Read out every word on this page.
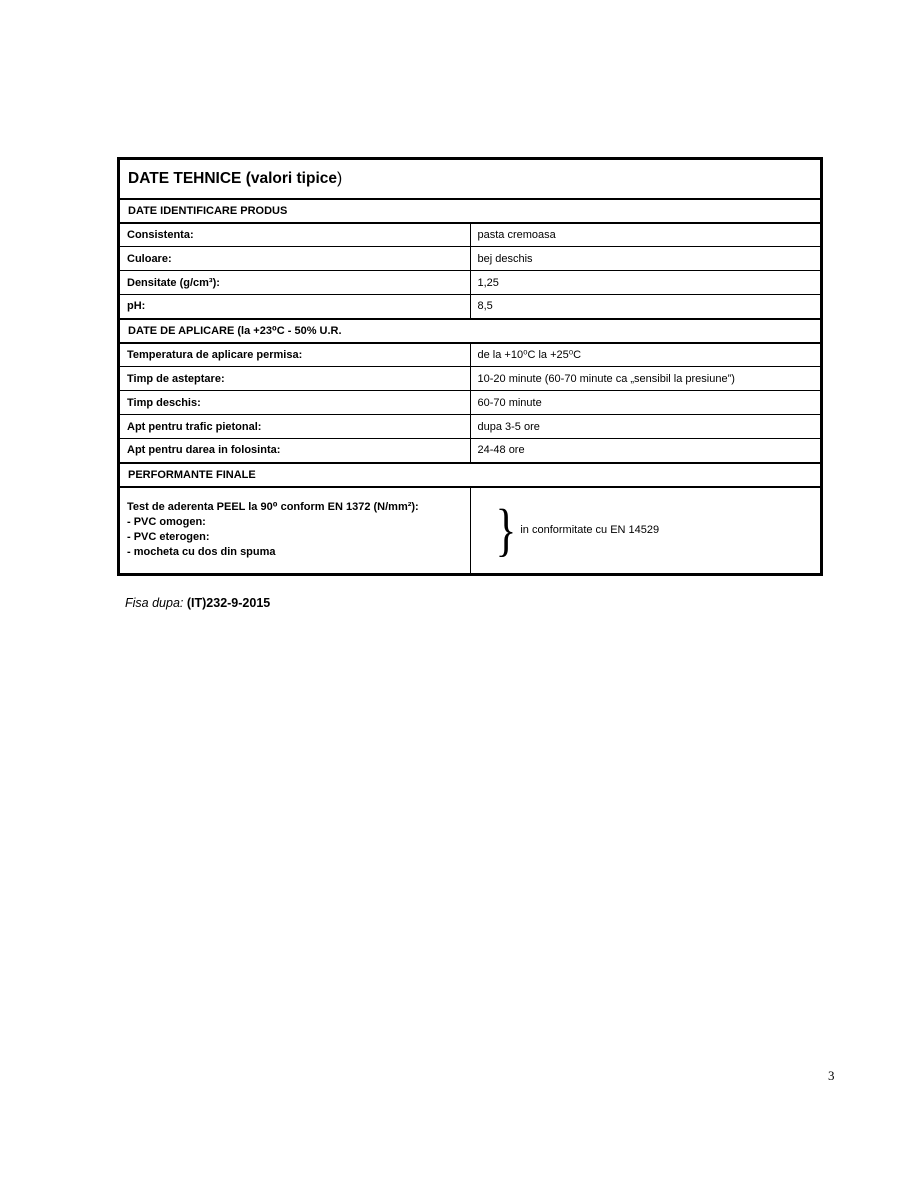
DATE TEHNICE (valori tipice)	
DATE IDENTIFICARE PRODUS	
Consistenta:	pasta cremoasa
Culoare:	bej deschis
Densitate (g/cm³):	1,25
pH:	8,5
DATE DE APLICARE (la +23⁰C - 50% U.R.	
Temperatura de aplicare permisa:	de la +10⁰C la +25⁰C
Timp de asteptare:	10-20 minute (60-70 minute ca „sensibil la presiune”)
Timp deschis:	60-70 minute
Apt pentru trafic pietonal:	dupa 3-5 ore
Apt pentru darea in folosinta:	24-48 ore
PERFORMANTE FINALE	

Test de aderenta PEEL la 90⁰ conform EN 1372 (N/mm²):
- PVC omogen:
- PVC eterogen:
- mocheta cu dos din spuma	} in conformitate cu EN 14529
Fisa dupa: (IT)232-9-2015
3
